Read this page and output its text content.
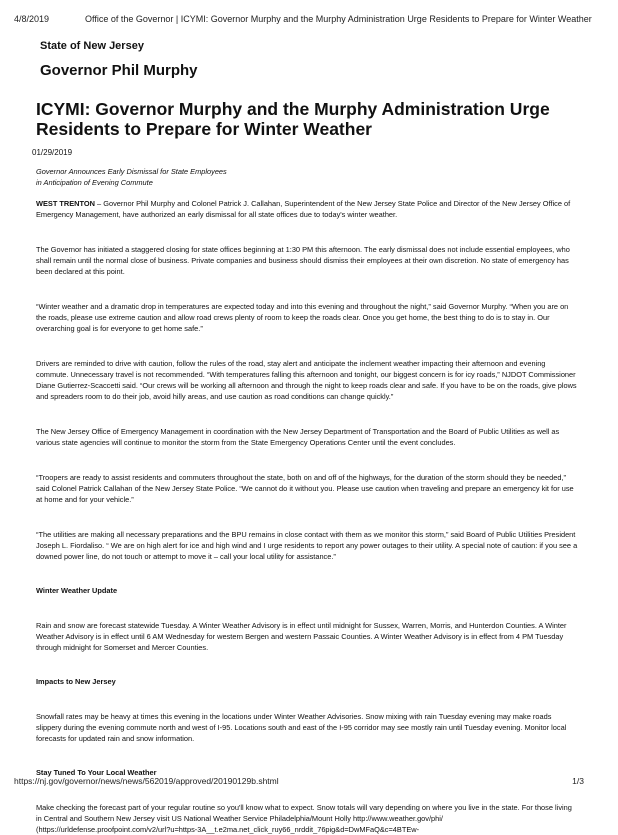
4/8/2019	Office of the Governor | ICYMI: Governor Murphy and the Murphy Administration Urge Residents to Prepare for Winter Weather
State of New Jersey
Governor Phil Murphy
ICYMI: Governor Murphy and the Murphy Administration Urge Residents to Prepare for Winter Weather
01/29/2019
Governor Announces Early Dismissal for State Employees
in Anticipation of Evening Commute

WEST TRENTON – Governor Phil Murphy and Colonel Patrick J. Callahan, Superintendent of the New Jersey State Police and Director of the New Jersey Office of Emergency Management, have authorized an early dismissal for all state offices due to today's winter weather.

The Governor has initiated a staggered closing for state offices beginning at 1:30 PM this afternoon. The early dismissal does not include essential employees, who shall remain until the normal close of business. Private companies and business should dismiss their employees at their own discretion. No state of emergency has been declared at this point.

“Winter weather and a dramatic drop in temperatures are expected today and into this evening and throughout the night,” said Governor Murphy. “When you are on the roads, please use extreme caution and allow road crews plenty of room to keep the roads clear. Once you get home, the best thing to do is to stay in. Our overarching goal is for everyone to get home safe.”

Drivers are reminded to drive with caution, follow the rules of the road, stay alert and anticipate the inclement weather impacting their afternoon and evening commute. Unnecessary travel is not recommended. “With temperatures falling this afternoon and tonight, our biggest concern is for icy roads,” NJDOT Commissioner Diane Gutierrez-Scaccetti said. “Our crews will be working all afternoon and through the night to keep roads clear and safe. If you have to be on the roads, give plows and spreaders room to do their job, avoid hilly areas, and use caution as road conditions can change quickly.”

The New Jersey Office of Emergency Management in coordination with the New Jersey Department of Transportation and the Board of Public Utilities as well as various state agencies will continue to monitor the storm from the State Emergency Operations Center until the event concludes.

“Troopers are ready to assist residents and commuters throughout the state, both on and off of the highways, for the duration of the storm should they be needed,” said Colonel Patrick Callahan of the New Jersey State Police. “We cannot do it without you. Please use caution when traveling and prepare an emergency kit for use at home and for your vehicle.”

“The utilities are making all necessary preparations and the BPU remains in close contact with them as we monitor this storm,” said Board of Public Utilities President Joseph L. Fiordaliso. “ We are on high alert for ice and high wind and I urge residents to report any power outages to their utility. A special note of caution: if you see a downed power line, do not touch or attempt to move it – call your local utility for assistance.”

Winter Weather Update

Rain and snow are forecast statewide Tuesday. A Winter Weather Advisory is in effect until midnight for Sussex, Warren, Morris, and Hunterdon Counties. A Winter Weather Advisory is in effect until 6 AM Wednesday for western Bergen and western Passaic Counties. A Winter Weather Advisory is in effect from 4 PM Tuesday through midnight for Somerset and Mercer Counties.

Impacts to New Jersey

Snowfall rates may be heavy at times this evening in the locations under Winter Weather Advisories. Snow mixing with rain Tuesday evening may make roads slippery during the evening commute north and west of I-95. Locations south and east of the I-95 corridor may see mostly rain until Tuesday evening. Monitor local forecasts for updated rain and snow information.

Stay Tuned To Your Local Weather

Make checking the forecast part of your regular routine so you'll know what to expect. Snow totals will vary depending on where you live in the state. For those living in Central and Southern New Jersey visit US National Weather Service Philadelphia/Mount Holly http://www.weather.gov/phi/ (https://urldefense.proofpoint.com/v2/url?u=https-3A__t.e2ma.net_click_ruy66_nrddit_76pig&d=DwMFaQ&c=4BTEw-

https://nj.gov/governor/news/news/562019/approved/20190129b.shtml	1/3
